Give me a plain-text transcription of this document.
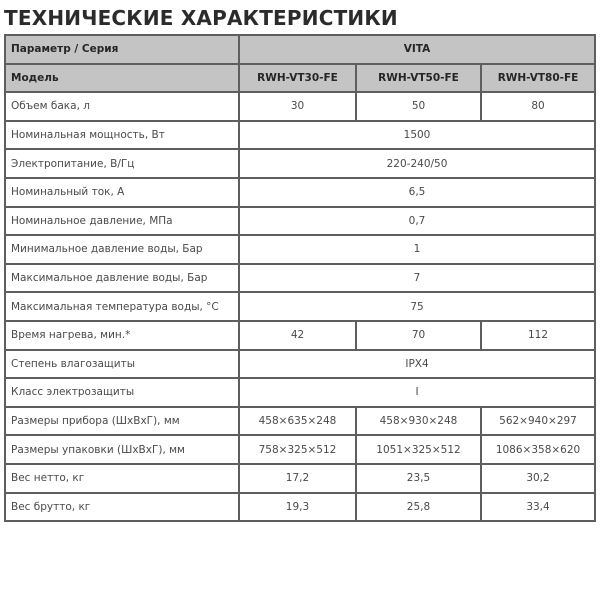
ТЕХНИЧЕСКИЕ ХАРАКТЕРИСТИКИ
Параметр / Серия	VITA		
Модель	RWH-VT30-FE	RWH-VT50-FE	RWH-VT80-FE
Объем бака, л	30	50	80
Номинальная мощность, Вт	1500		
Электропитание, В/Гц	220-240/50		
Номинальный ток, А	6,5		
Номинальное давление, МПа	0,7		
Минимальное давление воды, Бар	1		
Максимальное давление воды, Бар	7		
Максимальная температура воды, °С	75		
Время нагрева, мин.*	42	70	112
Степень влагозащиты	IPX4		
Класс электрозащиты	I		
Размеры прибора (ШхВхГ), мм	458×635×248	458×930×248	562×940×297
Размеры упаковки (ШхВхГ), мм	758×325×512	1051×325×512	1086×358×620
Вес нетто, кг	17,2	23,5	30,2
Вес брутто, кг	19,3	25,8	33,4
